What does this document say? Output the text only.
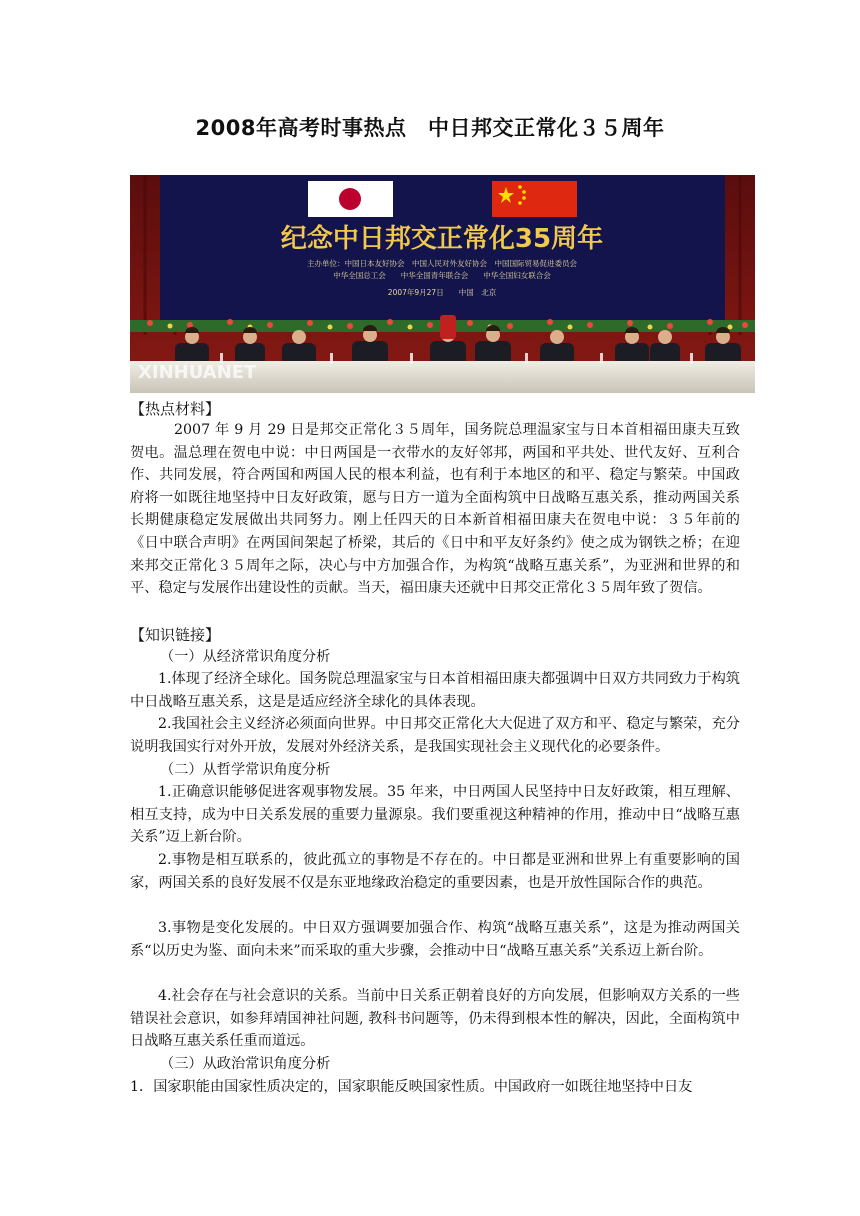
2008年高考时事热点　中日邦交正常化３５周年
纪念中日邦交正常化35周年
主办单位：中国日本友好协会　中国人民对外友好协会　中国国际贸易促进委员会
中华全国总工会　　中华全国青年联合会　　中华全国妇女联合会
2007年9月27日　　中国　北京
XINHUANET
【热点材料】
2007 年 9 月 29 日是邦交正常化３５周年，国务院总理温家宝与日本首相福田康夫互致贺电。温总理在贺电中说：中日两国是一衣带水的友好邻邦，两国和平共处、世代友好、互利合作、共同发展，符合两国和两国人民的根本利益，也有利于本地区的和平、稳定与繁荣。中国政府将一如既往地坚持中日友好政策，愿与日方一道为全面构筑中日战略互惠关系，推动两国关系长期健康稳定发展做出共同努力。刚上任四天的日本新首相福田康夫在贺电中说：３５年前的《日中联合声明》在两国间架起了桥梁，其后的《日中和平友好条约》使之成为钢铁之桥；在迎来邦交正常化３５周年之际，决心与中方加强合作，为构筑“战略互惠关系”，为亚洲和世界的和平、稳定与发展作出建设性的贡献。当天，福田康夫还就中日邦交正常化３５周年致了贺信。
【知识链接】
（一）从经济常识角度分析
1.体现了经济全球化。国务院总理温家宝与日本首相福田康夫都强调中日双方共同致力于构筑中日战略互惠关系，这是是适应经济全球化的具体表现。
2.我国社会主义经济必须面向世界。中日邦交正常化大大促进了双方和平、稳定与繁荣，充分说明我国实行对外开放，发展对外经济关系，是我国实现社会主义现代化的必要条件。
（二）从哲学常识角度分析
1.正确意识能够促进客观事物发展。35 年来，中日两国人民坚持中日友好政策，相互理解、相互支持，成为中日关系发展的重要力量源泉。我们要重视这种精神的作用，推动中日“战略互惠关系”迈上新台阶。
2.事物是相互联系的，彼此孤立的事物是不存在的。中日都是亚洲和世界上有重要影响的国家，两国关系的良好发展不仅是东亚地缘政治稳定的重要因素，也是开放性国际合作的典范。
3.事物是变化发展的。中日双方强调要加强合作、构筑“战略互惠关系”，这是为推动两国关系“以历史为鉴、面向未来”而采取的重大步骤，会推动中日“战略互惠关系”关系迈上新台阶。
4.社会存在与社会意识的关系。当前中日关系正朝着良好的方向发展，但影响双方关系的一些错误社会意识，如参拜靖国神社问题, 教科书问题等，仍未得到根本性的解决，因此，全面构筑中日战略互惠关系任重而道远。
（三）从政治常识角度分析
1．国家职能由国家性质决定的，国家职能反映国家性质。中国政府一如既往地坚持中日友
